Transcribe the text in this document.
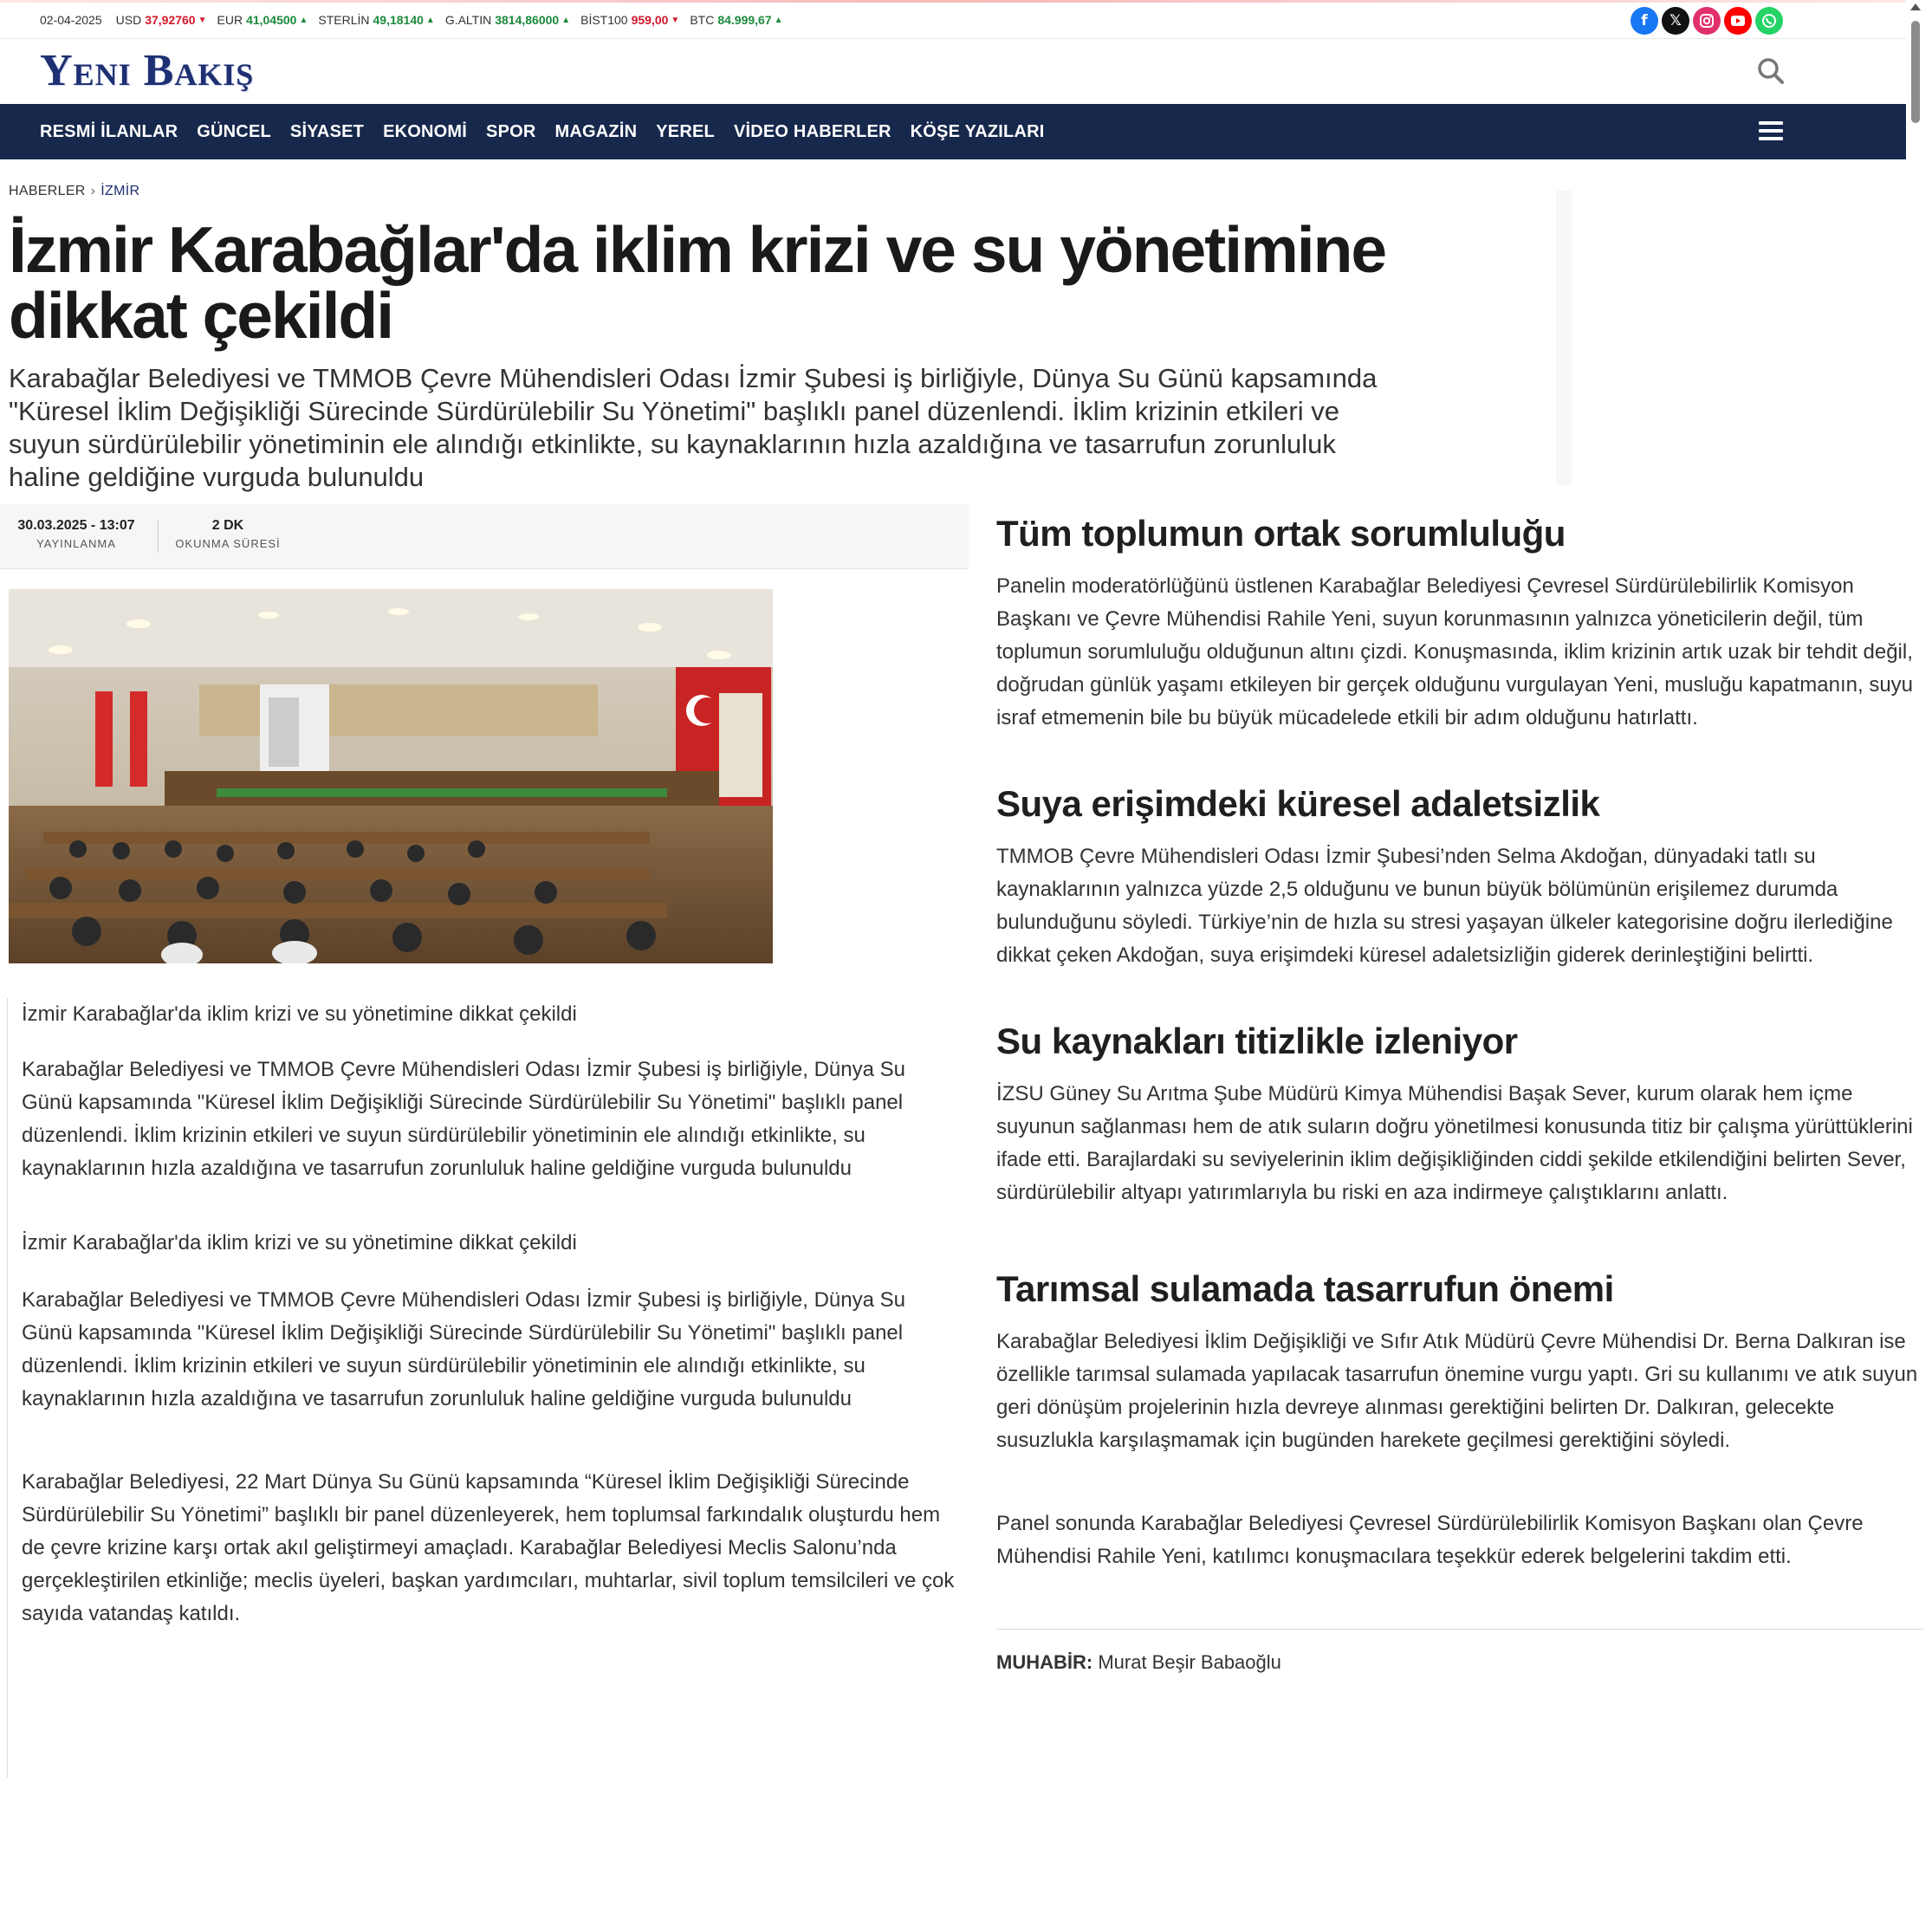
02-04-2025 USD 37,92760 ▼ EUR 41,04500 ▲ STERLİN 49,18140 ▲ G.ALTIN 3814,86000 ▲ BİST100 959,00 ▼ BTC 84.999,67 ▲	f	𝕏
Yeni Bakış
RESMİ İLANLAR GÜNCEL SİYASET EKONOMİ SPOR MAGAZİN YEREL VİDEO HABERLER KÖŞE YAZILARI
HABERLER › İZMİR
İzmir Karabağlar'da iklim krizi ve su yönetimine dikkat çekildi

Karabağlar Belediyesi ve TMMOB Çevre Mühendisleri Odası İzmir Şubesi iş birliğiyle, Dünya Su Günü kapsamında "Küresel İklim Değişikliği Sürecinde Sürdürülebilir Su Yönetimi" başlıklı panel düzenlendi. İklim krizinin etkileri ve suyun sürdürülebilir yönetiminin ele alındığı etkinlikte, su kaynaklarının hızla azaldığına ve tasarrufun zorunluluk haline geldiğine vurguda bulunuldu

30.03.2025 - 13:07
YAYINLANMA
2 DK
OKUNMA SÜRESİ

İzmir Karabağlar'da iklim krizi ve su yönetimine dikkat çekildi

Karabağlar Belediyesi ve TMMOB Çevre Mühendisleri Odası İzmir Şubesi iş birliğiyle, Dünya Su Günü kapsamında "Küresel İklim Değişikliği Sürecinde Sürdürülebilir Su Yönetimi" başlıklı panel düzenlendi. İklim krizinin etkileri ve suyun sürdürülebilir yönetiminin ele alındığı etkinlikte, su kaynaklarının hızla azaldığına ve tasarrufun zorunluluk haline geldiğine vurguda bulunuldu

İzmir Karabağlar'da iklim krizi ve su yönetimine dikkat çekildi

Karabağlar Belediyesi ve TMMOB Çevre Mühendisleri Odası İzmir Şubesi iş birliğiyle, Dünya Su Günü kapsamında "Küresel İklim Değişikliği Sürecinde Sürdürülebilir Su Yönetimi" başlıklı panel düzenlendi. İklim krizinin etkileri ve suyun sürdürülebilir yönetiminin ele alındığı etkinlikte, su kaynaklarının hızla azaldığına ve tasarrufun zorunluluk haline geldiğine vurguda bulunuldu

Karabağlar Belediyesi, 22 Mart Dünya Su Günü kapsamında “Küresel İklim Değişikliği Sürecinde Sürdürülebilir Su Yönetimi” başlıklı bir panel düzenleyerek, hem toplumsal farkındalık oluşturdu hem de çevre krizine karşı ortak akıl geliştirmeyi amaçladı. Karabağlar Belediyesi Meclis Salonu’nda gerçekleştirilen etkinliğe; meclis üyeleri, başkan yardımcıları, muhtarlar, sivil toplum temsilcileri ve çok sayıda vatandaş katıldı.

Tüm toplumun ortak sorumluluğu

Panelin moderatörlüğünü üstlenen Karabağlar Belediyesi Çevresel Sürdürülebilirlik Komisyon Başkanı ve Çevre Mühendisi Rahile Yeni, suyun korunmasının yalnızca yöneticilerin değil, tüm toplumun sorumluluğu olduğunun altını çizdi. Konuşmasında, iklim krizinin artık uzak bir tehdit değil, doğrudan günlük yaşamı etkileyen bir gerçek olduğunu vurgulayan Yeni, musluğu kapatmanın, suyu israf etmemenin bile bu büyük mücadelede etkili bir adım olduğunu hatırlattı.

Suya erişimdeki küresel adaletsizlik

TMMOB Çevre Mühendisleri Odası İzmir Şubesi’nden Selma Akdoğan, dünyadaki tatlı su kaynaklarının yalnızca yüzde 2,5 olduğunu ve bunun büyük bölümünün erişilemez durumda bulunduğunu söyledi. Türkiye’nin de hızla su stresi yaşayan ülkeler kategorisine doğru ilerlediğine dikkat çeken Akdoğan, suya erişimdeki küresel adaletsizliğin giderek derinleştiğini belirtti.

Su kaynakları titizlikle izleniyor

İZSU Güney Su Arıtma Şube Müdürü Kimya Mühendisi Başak Sever, kurum olarak hem içme suyunun sağlanması hem de atık suların doğru yönetilmesi konusunda titiz bir çalışma yürüttüklerini ifade etti. Barajlardaki su seviyelerinin iklim değişikliğinden ciddi şekilde etkilendiğini belirten Sever, sürdürülebilir altyapı yatırımlarıyla bu riski en aza indirmeye çalıştıklarını anlattı.

Tarımsal sulamada tasarrufun önemi

Karabağlar Belediyesi İklim Değişikliği ve Sıfır Atık Müdürü Çevre Mühendisi Dr. Berna Dalkıran ise özellikle tarımsal sulamada yapılacak tasarrufun önemine vurgu yaptı. Gri su kullanımı ve atık suyun geri dönüşüm projelerinin hızla devreye alınması gerektiğini belirten Dr. Dalkıran, gelecekte susuzlukla karşılaşmamak için bugünden harekete geçilmesi gerektiğini söyledi.

Panel sonunda Karabağlar Belediyesi Çevresel Sürdürülebilirlik Komisyon Başkanı olan Çevre Mühendisi Rahile Yeni, katılımcı konuşmacılara teşekkür ederek belgelerini takdim etti.

MUHABİR: Murat Beşir Babaoğlu
